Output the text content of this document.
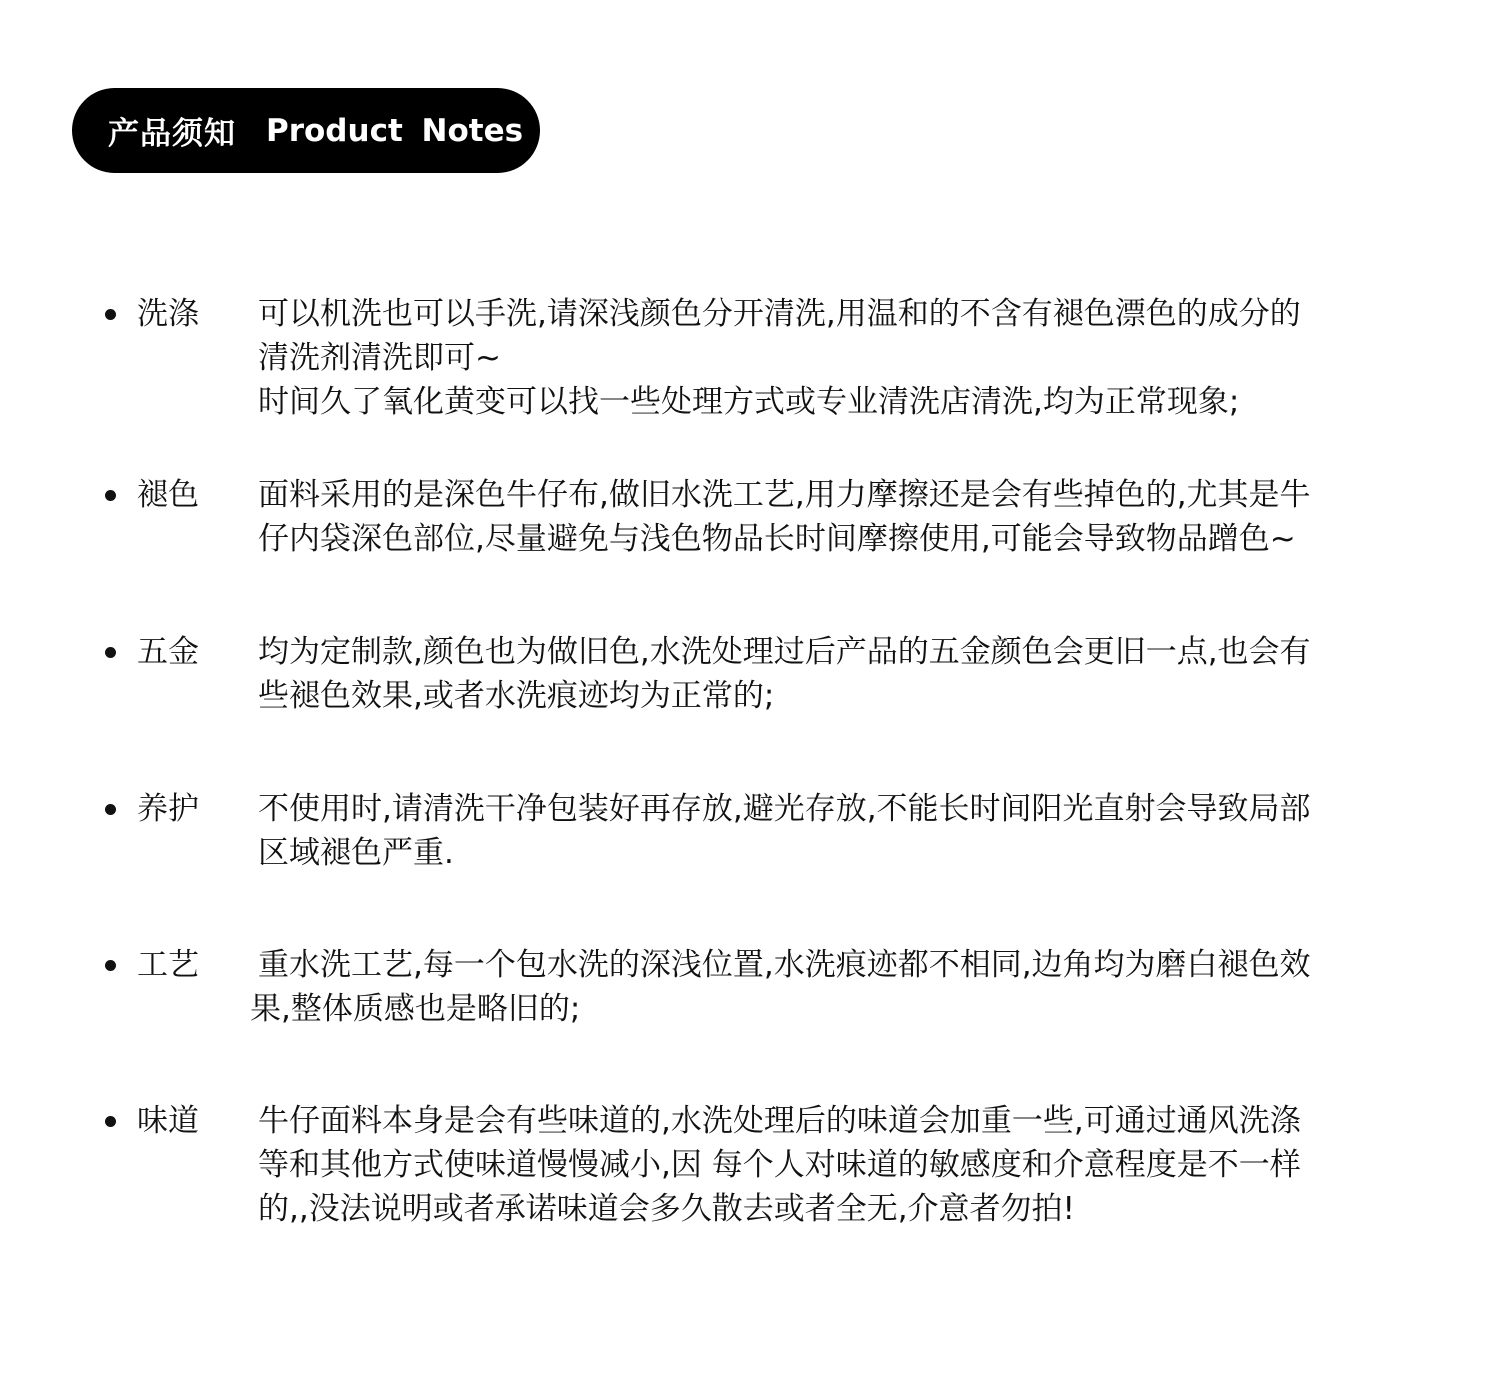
产品须知 Product Notes
洗涤 可以机洗也可以手洗,请深浅颜色分开清洗,用温和的不含有褪色漂色的成分的
清洗剂清洗即可~
时间久了氧化黄变可以找一些处理方式或专业清洗店清洗,均为正常现象;
褪色 面料采用的是深色牛仔布,做旧水洗工艺,用力摩擦还是会有些掉色的,尤其是牛
仔内袋深色部位,尽量避免与浅色物品长时间摩擦使用,可能会导致物品蹭色~
五金 均为定制款,颜色也为做旧色,水洗处理过后产品的五金颜色会更旧一点,也会有
些褪色效果,或者水洗痕迹均为正常的;
养护 不使用时,请清洗干净包装好再存放,避光存放,不能长时间阳光直射会导致局部
区域褪色严重.
工艺 重水洗工艺,每一个包水洗的深浅位置,水洗痕迹都不相同,边角均为磨白褪色效
果,整体质感也是略旧的;
味道 牛仔面料本身是会有些味道的,水洗处理后的味道会加重一些,可通过通风洗涤
等和其他方式使味道慢慢减小,因 每个人对味道的敏感度和介意程度是不一样
的,,没法说明或者承诺味道会多久散去或者全无,介意者勿拍!
